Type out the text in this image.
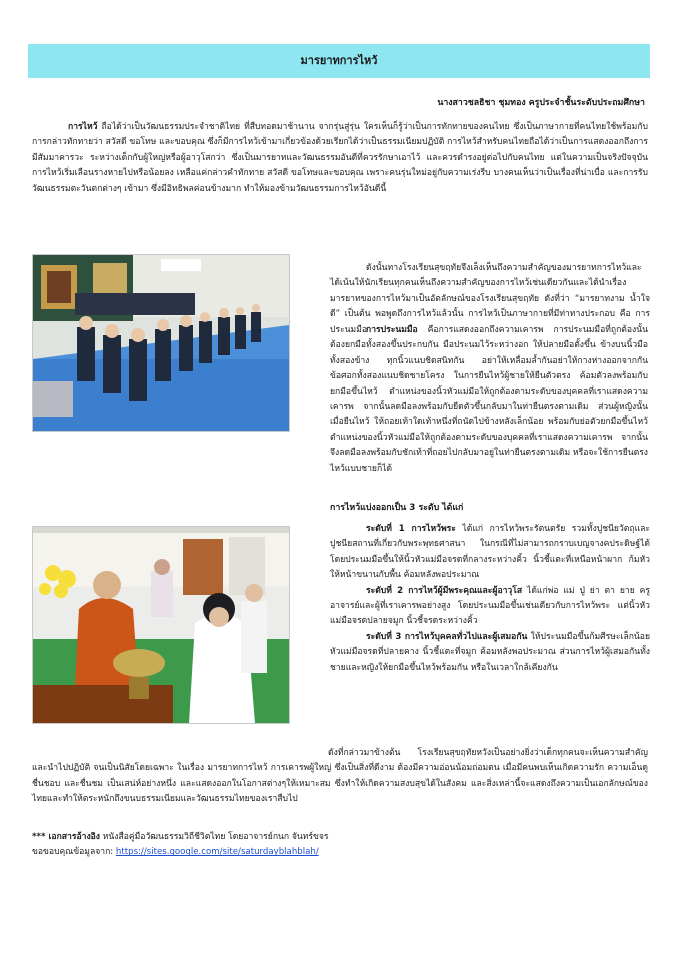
มารยาทการไหว้
นางสาวชลธิชา ชุมทอง ครูประจำชั้นระดับประถมศึกษา

การไหว้ ถือได้ว่าเป็นวัฒนธรรมประจำชาติไทย ที่สืบทอดมาช้านาน จากรุ่นสู่รุ่น ใครเห็นก็รู้ว่าเป็นการทักทายของคนไทย ซึ่งเป็นภาษากายที่คนไทยใช้พร้อมกับการกล่าวทักทายว่า สวัสดี ขอโทษ และขอบคุณ ซึ่งก็มีการไหว้เข้ามาเกี่ยวข้องด้วยเรียกได้ว่าเป็นธรรมเนียมปฏิบัติ การไหว้สำหรับคนไทยถือได้ว่าเป็นการแสดงออกถึงการมีสัมมาคารวะ ระหว่างเด็กกับผู้ใหญ่หรือผู้อาวุโสกว่า ซึ่งเป็นมารยาทและวัฒนธรรมอันดีที่ควรรักษาเอาไว้ และควรดำรงอยู่ต่อไปกับคนไทย แต่ในความเป็นจริงปัจจุบัน การไหว้เริ่มเลือนรางหายไปหรือน้อยลง เหลือแค่กล่าวคำทักทาย สวัสดี ขอโทษและขอบคุณ เพราะคนรุ่นใหม่อยู่กับความเร่งรีบ บางคนเห็นว่าเป็นเรื่องที่น่าเบื่อ และการรับวัฒนธรรมตะวันตกต่างๆ เข้ามา ซึ่งมีอิทธิพลค่อนข้างมาก ทำให้มองข้ามวัฒนธรรมการไหว้อันดีนี้

ดังนั้นทางโรงเรียนสุขฤทัยจึงเล็งเห็นถึงความสำคัญของมารยาทการไหว้และได้เน้นให้นักเรียนทุกคนเห็นถึงความสำคัญของการไหว้เช่นเดียวกันและได้นำเรื่องมารยาทของการไหว้มาเป็นอัตลักษณ์ของโรงเรียนสุขฤทัย ดังที่ว่า “มารยาทงาม น้ำใจดี” เป็นต้น พอพูดถึงการไหว้แล้วนั้น การไหว้เป็นภาษากายที่มีท่าทางประกอบ คือ การประนมมือ

การประนมมือ คือการแสดงออกถึงความเคารพ การประนมมือที่ถูกต้องนั้นต้องยกมือทั้งสองขึ้นประกบกัน มือประนมไว้ระหว่างอก ให้ปลายมือตั้งขึ้น ข้างบนนิ้วมือทั้งสองข้าง ทุกนิ้วแนบชิดสนิทกัน อย่าให้เหลื่อมล้ำกันอย่าให้กางห่างออกจากกัน ข้อศอกทั้งสองแนบชิดชายโครง ในการยืนไหว้ผู้ชายให้ยืนตัวตรง ค้อมตัวลงพร้อมกับยกมือขึ้นไหว้ ตำแหน่งของนิ้วหัวแม่มือให้ถูกต้องตามระดับของบุคคลที่เราแสดงความเคารพ จากนั้นลดมือลงพร้อมกับยืดตัวขึ้นกลับมาในท่ายืนตรงตามเดิม ส่วนผู้หญิงนั้น เมื่อยืนไหว้ ให้ถอยเท้าใดเท้าหนึ่งที่ถนัดไปข้างหลังเล็กน้อย พร้อมกับย่อตัวยกมือขึ้นไหว้ ตำแหน่งของนิ้วหัวแม่มือให้ถูกต้องตามระดับของบุคคลที่เราแสดงความเคารพ จากนั้นจึงลดมือลงพร้อมกับชักเท้าที่ถอยไปกลับมาอยู่ในท่ายืนตรงตามเดิม หรือจะใช้การยืนตรงไหว้แบบชายก็ได้

การไหว้แบ่งออกเป็น 3 ระดับ ได้แก่

ระดับที่ 1 การไหว้พระ ได้แก่ การไหว้พระรัตนตรัย รวมทั้งปูชนียวัตถุและปูชนียสถานที่เกี่ยวกับพระพุทธศาสนา ในกรณีที่ไม่สามารถกราบเบญจางคประดิษฐ์ได้ โดยประนมมือขึ้นให้นิ้วหัวแม่มือจรดที่กลางระหว่างคิ้ว นิ้วชี้แตะที่เหนือหน้าผาก ก้มหัวให้หน้าขนานกับพื้น ค้อมหลังพอประมาณ

ระดับที่ 2 การไหว้ผู้มีพระคุณและผู้อาวุโส ได้แก่พ่อ แม่ ปู่ ย่า ตา ยาย ครู อาจารย์และผู้ที่เราเคารพอย่างสูง โดยประนมมือขึ้นเช่นเดียวกับการไหว้พระ แต่นิ้วหัวแม่มือจรดปลายจมูก นิ้วชี้จรดระหว่างคิ้ว

ระดับที่ 3 การไหว้บุคคลทั่วไปและผู้เสมอกัน ให้ประนมมือขึ้นก้มศีรษะเล็กน้อย หัวแม่มือจรดที่ปลายคาง นิ้วชี้แตะที่จมูก ค้อมหลังพอประมาณ ส่วนการไหว้ผู้เสมอกันทั้งชายและหญิงให้ยกมือขึ้นไหว้พร้อมกัน หรือในเวลาใกล้เคียงกัน

ดังที่กล่าวมาข้างต้น โรงเรียนสุขฤทัยหวังเป็นอย่างยิ่งว่าเด็กทุกคนจะเห็นความสำคัญและนำไปปฏิบัติ จนเป็นนิสัยโดยเฉพาะ ในเรื่อง มารยาทการไหว้ การเคารพผู้ใหญ่ ซึ่งเป็นสิ่งที่ดีงาม ต้องมีความอ่อนน้อมถ่อมตน เมื่อมีคนพบเห็นเกิดความรัก ความเอ็นดู ชื่นชอบ และชื่นชม เป็นเสน่ห์อย่างหนึ่ง และแสดงออกในโอกาสต่างๆให้เหมาะสม ซึ่งทำให้เกิดความสงบสุขได้ในสังคม และสิ่งเหล่านี้จะแสดงถึงความเป็นเอกลักษณ์ของไทยและทำให้ตระหนักถึงขนบธรรมเนียมและวัฒนธรรมไทยของเราสืบไป

*** เอกสารอ้างอิง หนังสือคู่มือวัฒนธรรมวิถีชีวิตไทย โดยอาจารย์กนก จันทร์ขจร
ขอขอบคุณข้อมูลจาก: https://sites.google.com/site/saturdayblahblah/
